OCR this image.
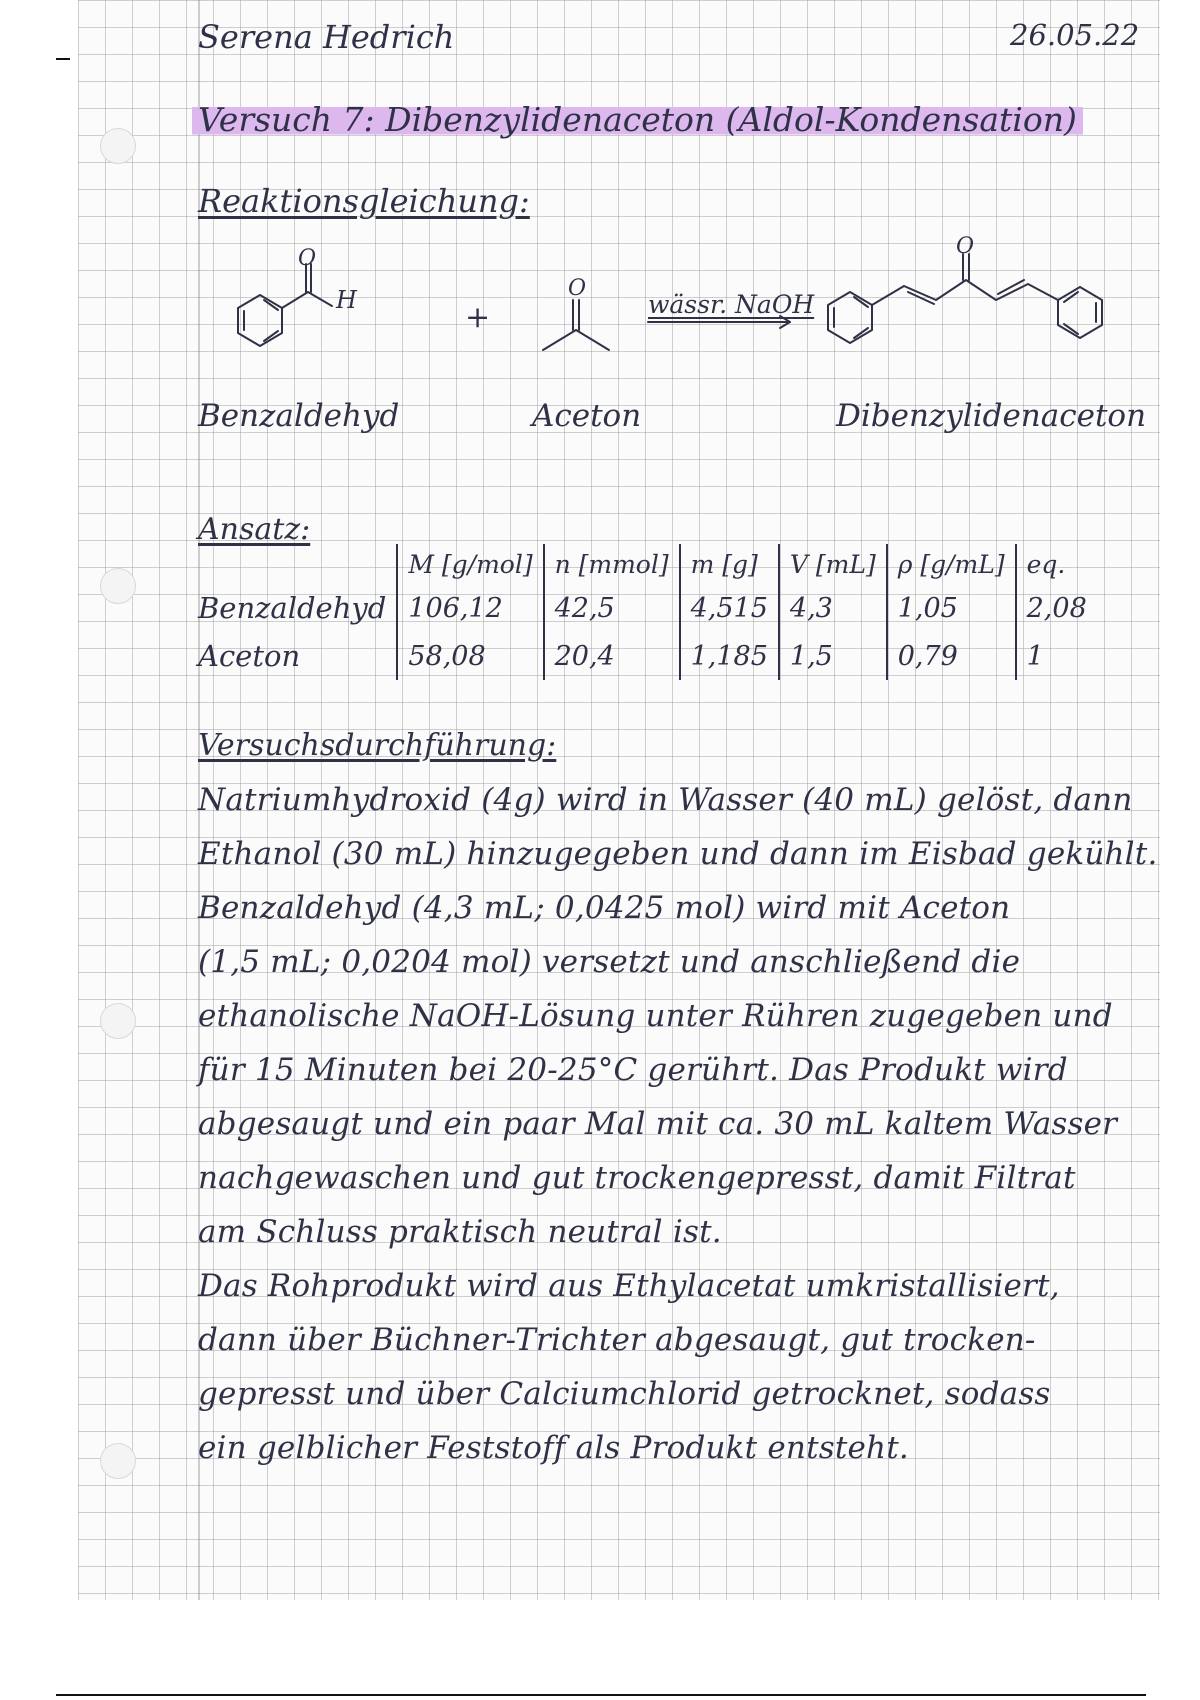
Serena Hedrich	26.05.22
Versuch 7: Dibenzylidenaceton (Aldol-Kondensation)
Reaktionsgleichung:
O
H	+
O
wässr. NaOH
O
Benzaldehyd	Aceton	Dibenzylidenaceton
Ansatz:
	M [g/mol]	n [mmol]	m [g]	V [mL]	ρ [g/mL]	eq.
Benzaldehyd	106,12	42,5	4,515	4,3	1,05	2,08
Aceton	58,08	20,4	1,185	1,5	0,79	1
Versuchsdurchführung:
Natriumhydroxid (4g) wird in Wasser (40 mL) gelöst, dann
Ethanol (30 mL) hinzugegeben und dann im Eisbad gekühlt.
Benzaldehyd (4,3 mL; 0,0425 mol) wird mit Aceton
(1,5 mL; 0,0204 mol) versetzt und anschließend die
ethanolische NaOH-Lösung unter Rühren zugegeben und
für 15 Minuten bei 20-25°C gerührt. Das Produkt wird
abgesaugt und ein paar Mal mit ca. 30 mL kaltem Wasser
nachgewaschen und gut trockengepresst, damit Filtrat
am Schluss praktisch neutral ist.
Das Rohprodukt wird aus Ethylacetat umkristallisiert,
dann über Büchner-Trichter abgesaugt, gut trocken-
gepresst und über Calciumchlorid getrocknet, sodass
ein gelblicher Feststoff als Produkt entsteht.
